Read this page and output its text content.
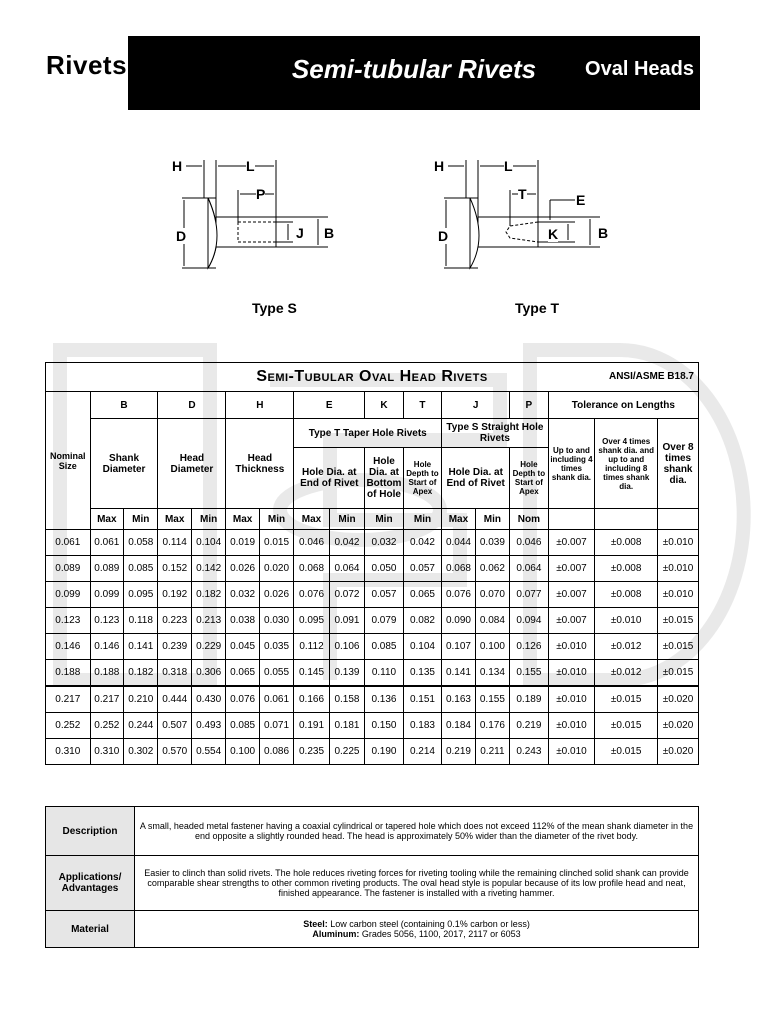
Rivets	Semi-tubular Rivets	Oval Heads
H	L
P
D	J B
Type S
H	L
T	E
D	K	B
Type T
Semi-Tubular Oval Head Rivets ANSI/ASME B18.7																

Nominal Size	B		D		H		E		K	T	J		P	Tolerance on Lengths		
	Shank Diameter		Head Diameter		Head Thickness		Type T Taper Hole Rivets				Type S Straight Hole Rivets			Up to and including 4 times shank dia.	Over 4 times shank dia. and up to and including 8 times shank dia.	Over 8 times shank dia.
							Hole Dia. at End of Rivet		Hole Dia. at Bottom of Hole	Hole Depth to Start of Apex	Hole Dia. at End of Rivet		Hole Depth to Start of Apex			
	Max	Min	Max	Min	Max	Min	Max	Min	Min	Min	Max	Min	Nom			
0.061	0.061	0.058	0.114	0.104	0.019	0.015	0.046	0.042	0.032	0.042	0.044	0.039	0.046	±0.007	±0.008	±0.010
0.089	0.089	0.085	0.152	0.142	0.026	0.020	0.068	0.064	0.050	0.057	0.068	0.062	0.064	±0.007	±0.008	±0.010
0.099	0.099	0.095	0.192	0.182	0.032	0.026	0.076	0.072	0.057	0.065	0.076	0.070	0.077	±0.007	±0.008	±0.010
0.123	0.123	0.118	0.223	0.213	0.038	0.030	0.095	0.091	0.079	0.082	0.090	0.084	0.094	±0.007	±0.010	±0.015
0.146	0.146	0.141	0.239	0.229	0.045	0.035	0.112	0.106	0.085	0.104	0.107	0.100	0.126	±0.010	±0.012	±0.015
0.188	0.188	0.182	0.318	0.306	0.065	0.055	0.145	0.139	0.110	0.135	0.141	0.134	0.155	±0.010	±0.012	±0.015
0.217	0.217	0.210	0.444	0.430	0.076	0.061	0.166	0.158	0.136	0.151	0.163	0.155	0.189	±0.010	±0.015	±0.020
0.252	0.252	0.244	0.507	0.493	0.085	0.071	0.191	0.181	0.150	0.183	0.184	0.176	0.219	±0.010	±0.015	±0.020
0.310	0.310	0.302	0.570	0.554	0.100	0.086	0.235	0.225	0.190	0.214	0.219	0.211	0.243	±0.010	±0.015	±0.020
Description	A small, headed metal fastener having a coaxial cylindrical or tapered hole which does not exceed 112% of the mean shank diameter in the end opposite a slightly rounded head. The head is approximately 50% wider than the diameter of the rivet body.
Applications/ Advantages	Easier to clinch than solid rivets. The hole reduces riveting forces for riveting tooling while the remaining clinched solid shank can provide comparable shear strengths to other common riveting products. The oval head style is popular because of its low profile head and neat, finished appearance. The fastener is installed with a riveting hammer.
Material	Steel: Low carbon steel (containing 0.1% carbon or less)
Aluminum: Grades 5056, 1100, 2017, 2117 or 6053
